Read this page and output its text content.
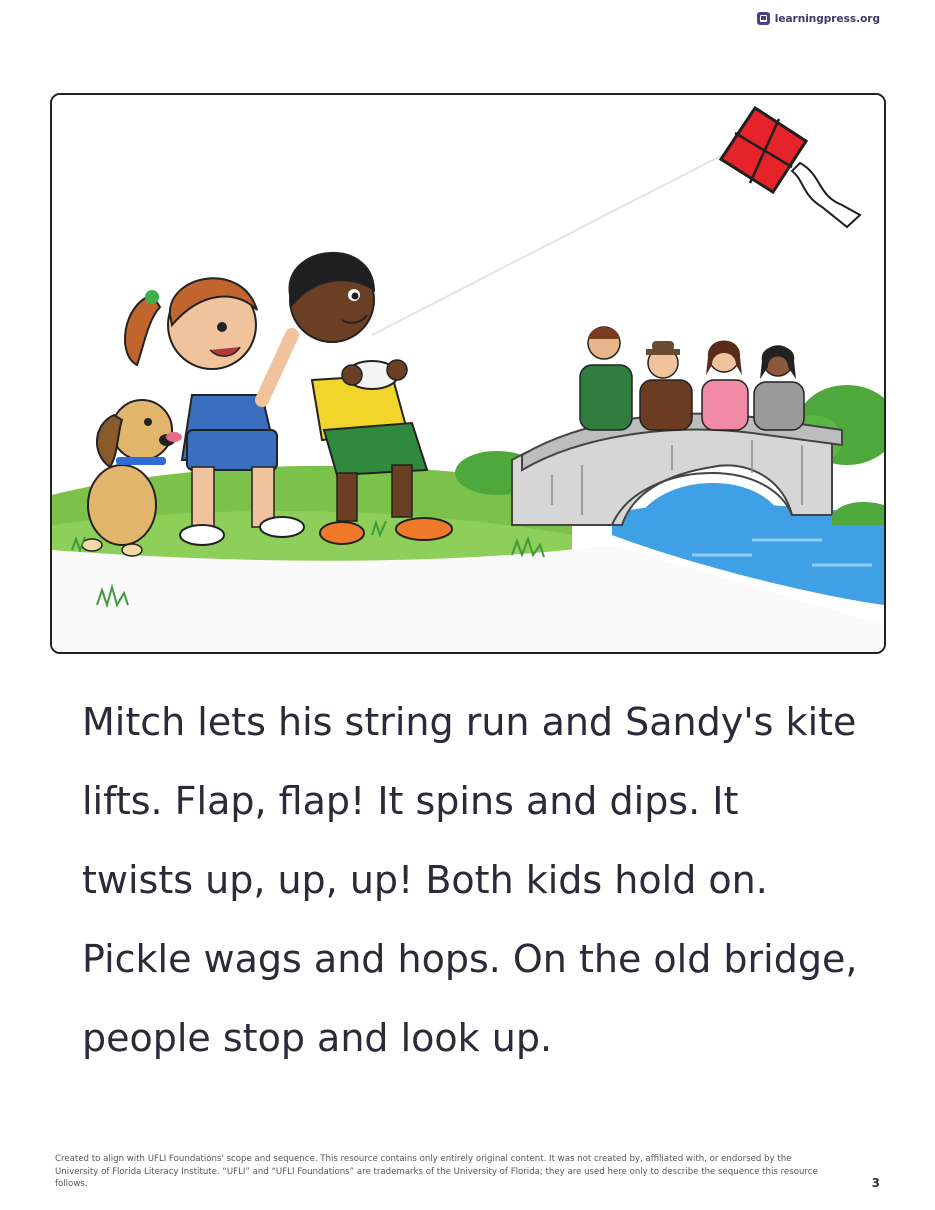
learningpress.org
Mitch lets his string run and Sandy's kite
lifts. Flap, flap! It spins and dips. It
twists up, up, up! Both kids hold on.
Pickle wags and hops. On the old bridge,
people stop and look up.
Created to align with UFLI Foundations' scope and sequence. This resource contains only entirely original content. It was not created by, affiliated with, or endorsed by the University of Florida Literacy Institute. “UFLI” and “UFLI Foundations” are trademarks of the University of Florida; they are used here only to describe the sequence this resource follows.	3
